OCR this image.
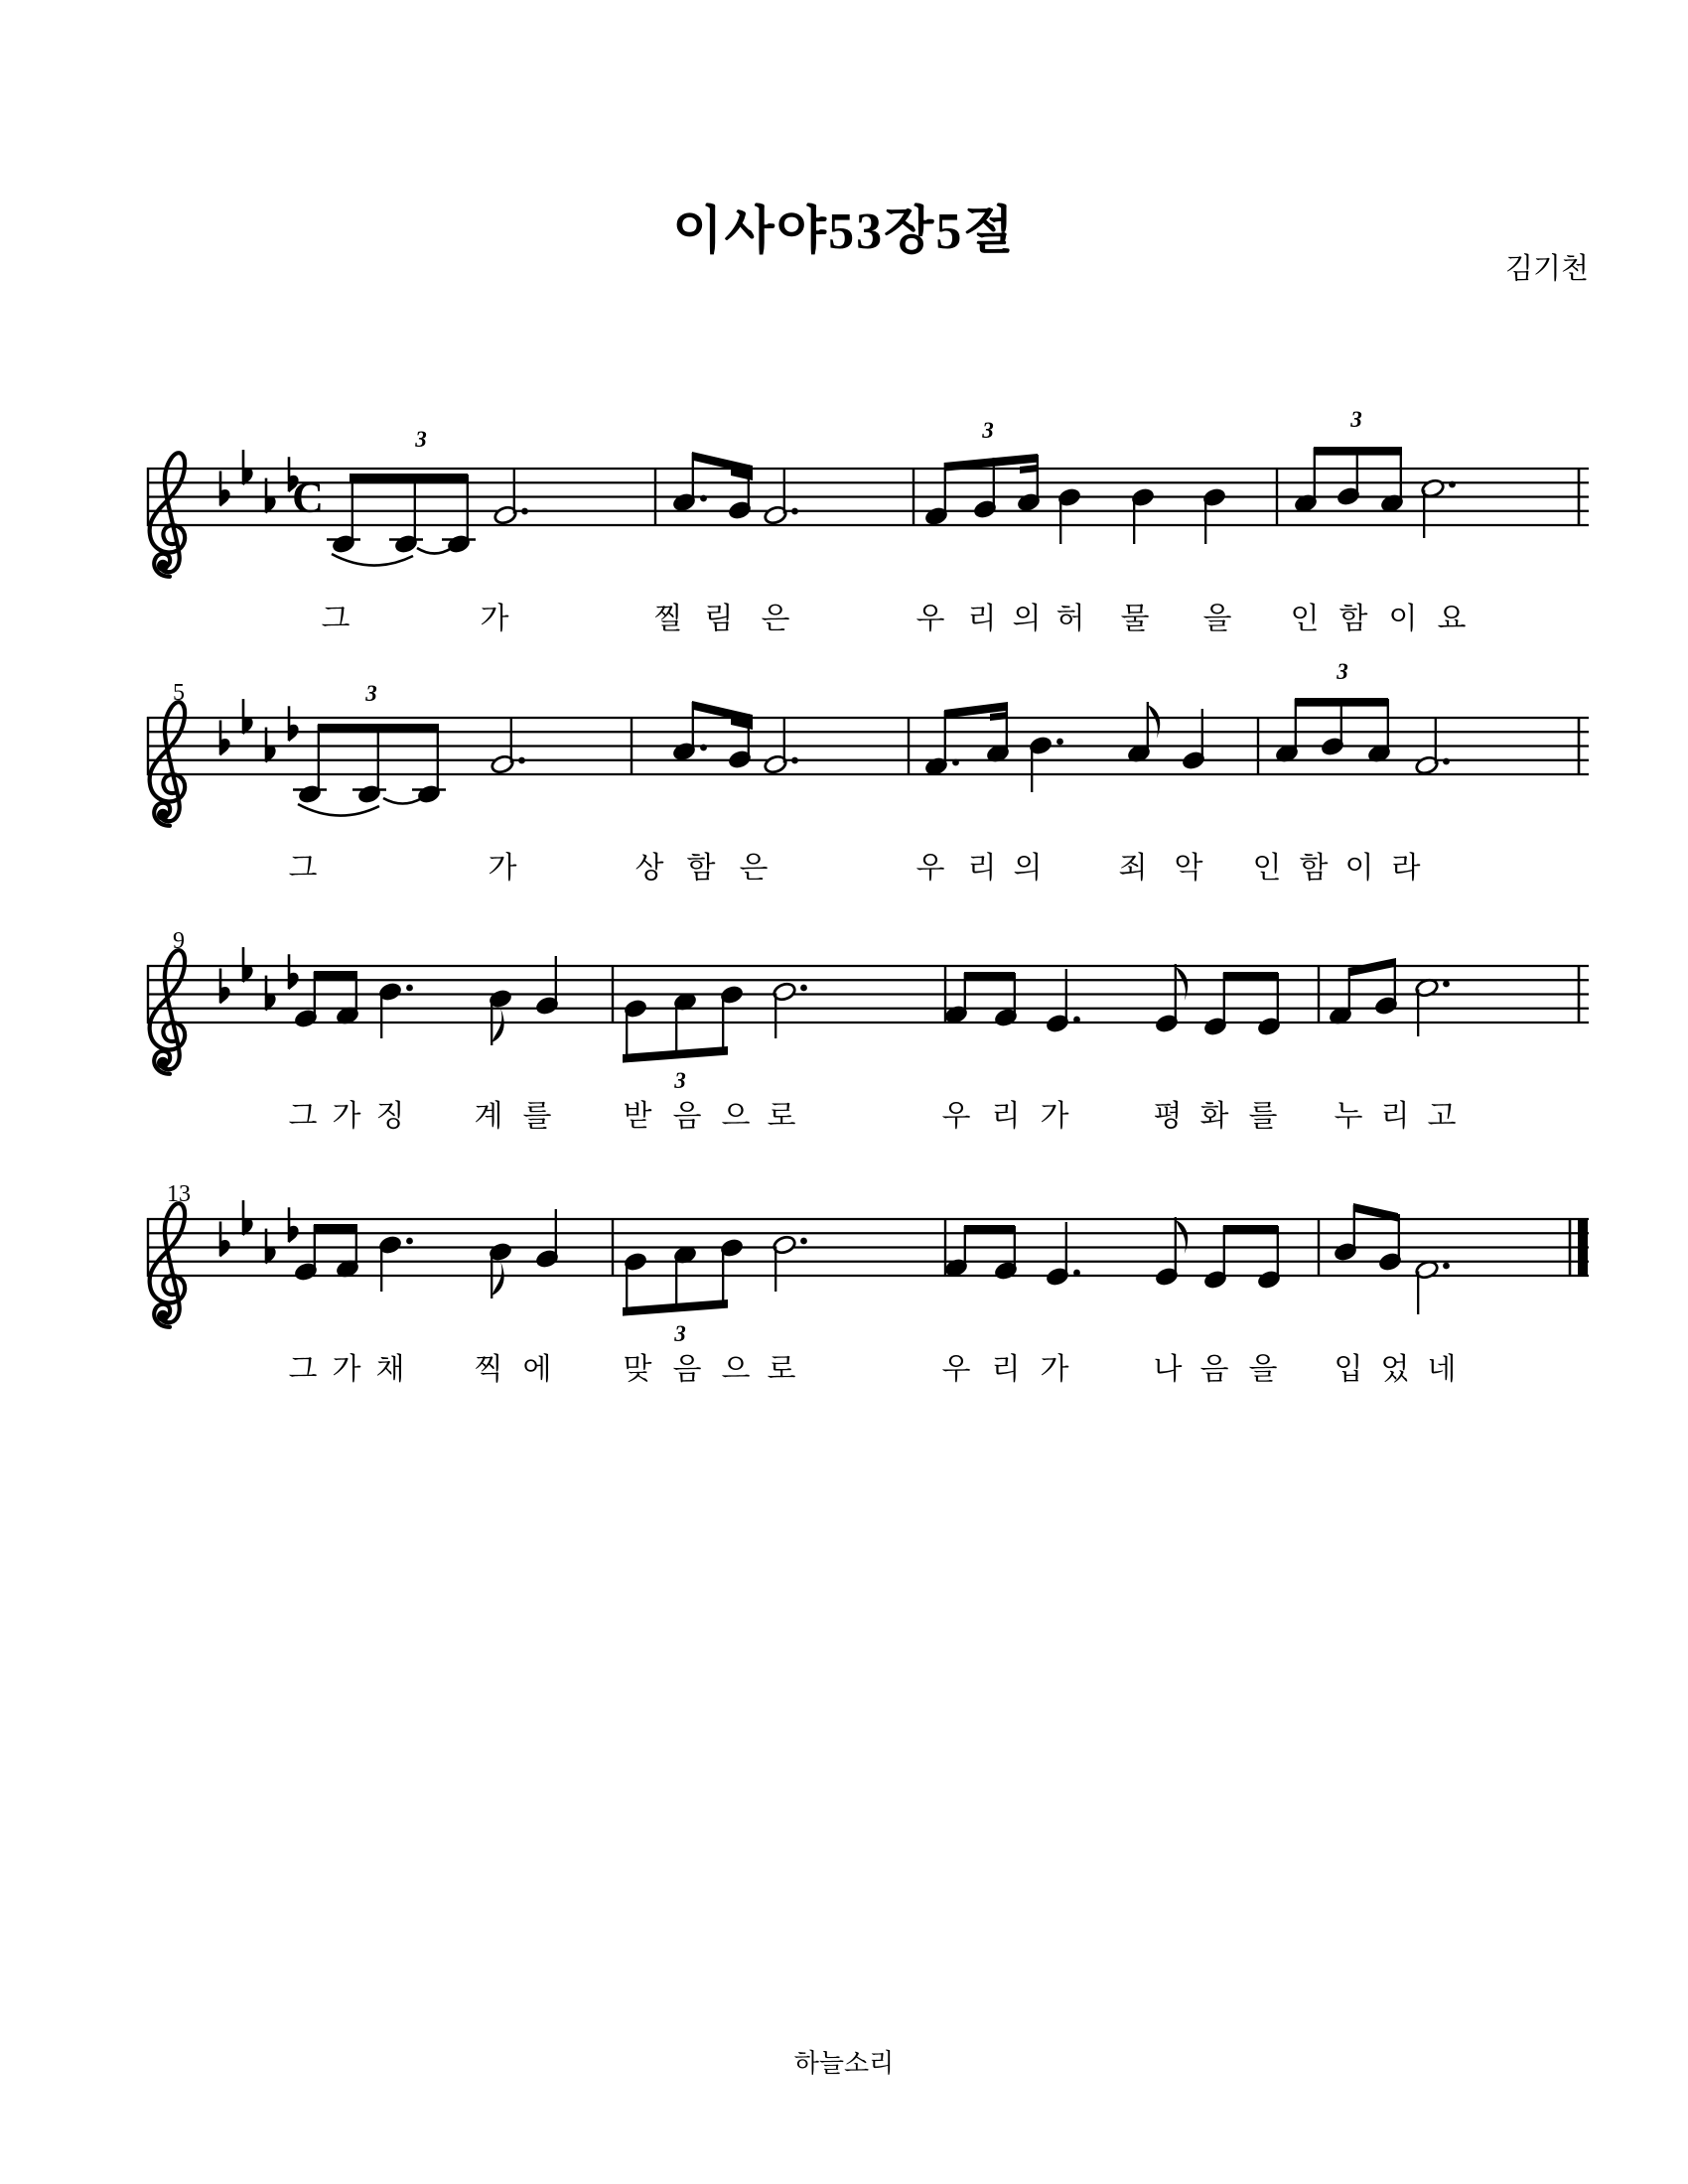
이사야53장5절
김기천
C
3	3	3
그	가	찔 림 은	우 리 의 허 물 을 인 함 이 요
5	3
3
그	가	상 함 은	우 리 의	죄 악 인 함 이 라
9
3
그 가 징 계 를 받 음 으 로	우 리 가	평 화 를 누 리 고
13
3
그 가 채 찍 에 맞 음 으 로	우 리 가	나 음 을 입 었 네
하늘소리
